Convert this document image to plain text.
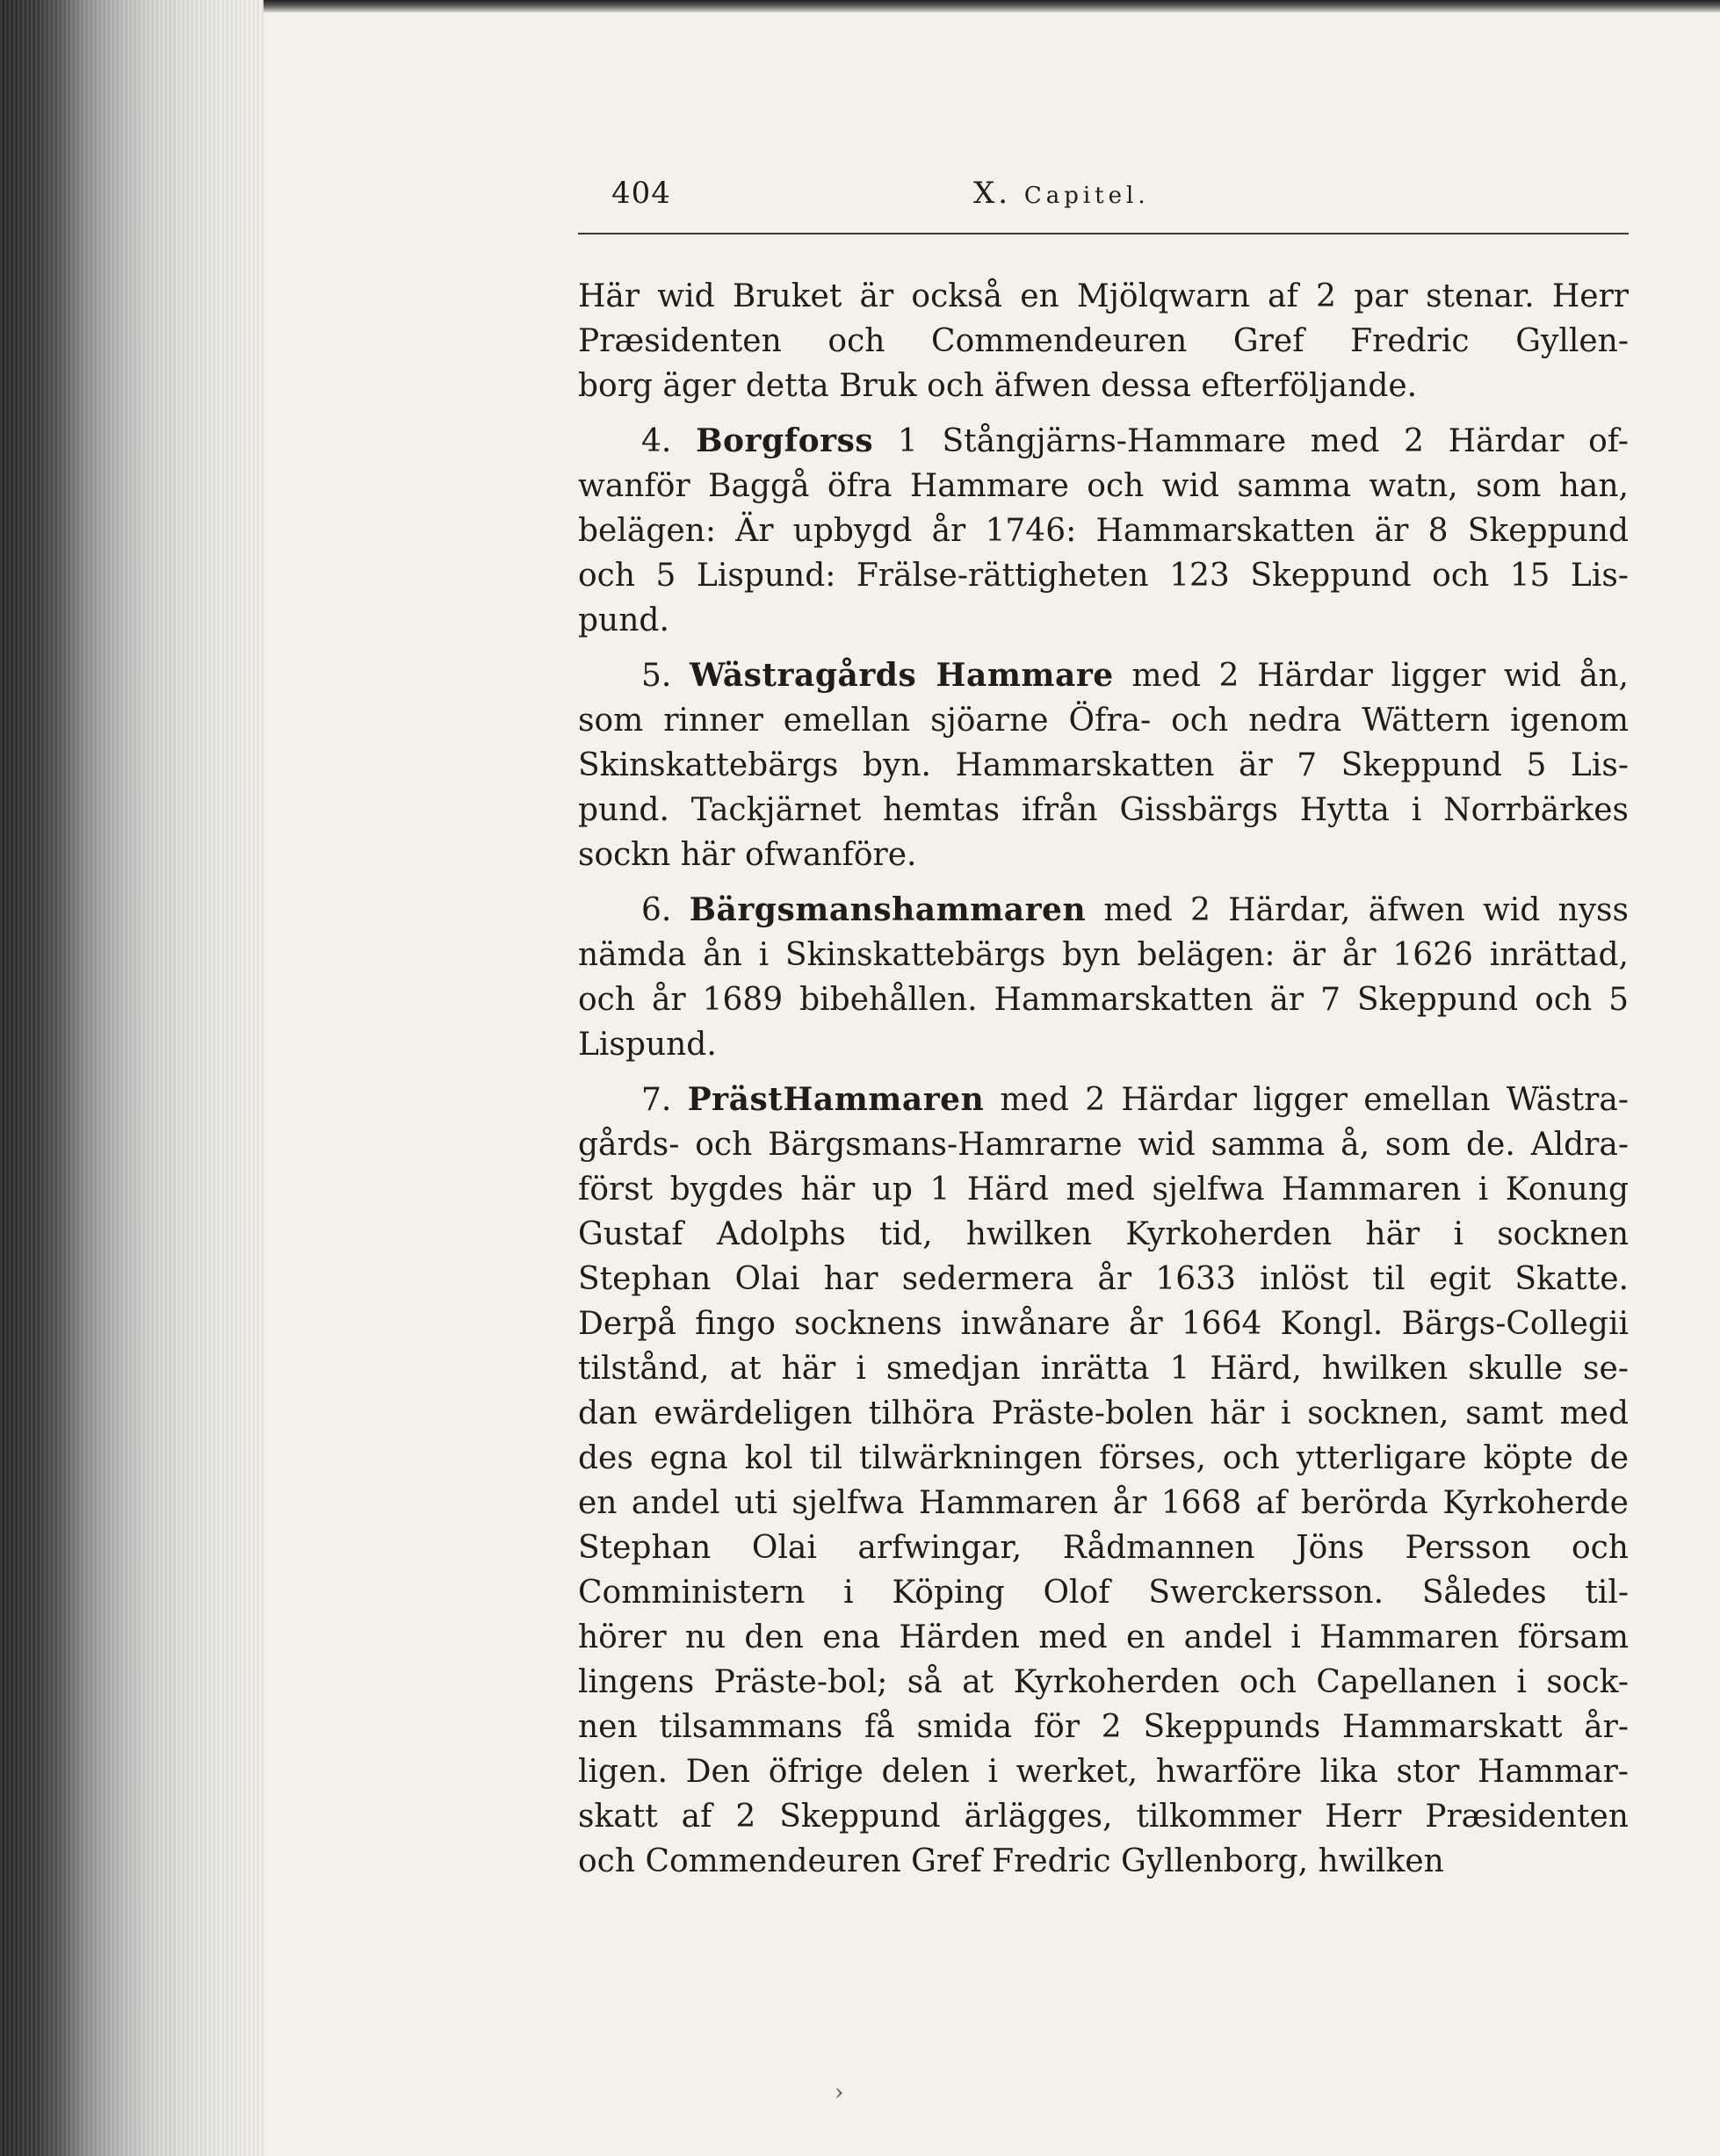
404	X. Capitel.
Här wid Bruket är också en Mjölqwarn af 2 par stenar. Herr
Præsidenten och Commendeuren Gref Fredric Gyllen-
borg äger detta Bruk och äfwen dessa efterföljande.
4. Borgforss 1 Stångjärns-Hammare med 2 Härdar of-
wanför Baggå öfra Hammare och wid samma watn, som han,
belägen: Är upbygd år 1746: Hammarskatten är 8 Skeppund
och 5 Lispund: Frälse-rättigheten 123 Skeppund och 15 Lis-
pund.
5. Wästragårds Hammare med 2 Härdar ligger wid ån,
som rinner emellan sjöarne Öfra- och nedra Wättern igenom
Skinskattebärgs byn. Hammarskatten är 7 Skeppund 5 Lis-
pund. Tackjärnet hemtas ifrån Gissbärgs Hytta i Norrbärkes
sockn här ofwanföre.
6. Bärgsmanshammaren med 2 Härdar, äfwen wid nyss
nämda ån i Skinskattebärgs byn belägen: är år 1626 inrättad,
och år 1689 bibehållen. Hammarskatten är 7 Skeppund och 5
Lispund.
7. PrästHammaren med 2 Härdar ligger emellan Wästra-
gårds- och Bärgsmans-Hamrarne wid samma å, som de. Aldra-
först bygdes här up 1 Härd med sjelfwa Hammaren i Konung
Gustaf Adolphs tid, hwilken Kyrkoherden här i socknen
Stephan Olai har sedermera år 1633 inlöst til egit Skatte.
Derpå fingo socknens inwånare år 1664 Kongl. Bärgs-Collegii
tilstånd, at här i smedjan inrätta 1 Härd, hwilken skulle se-
dan ewärdeligen tilhöra Präste-bolen här i socknen, samt med
des egna kol til tilwärkningen förses, och ytterligare köpte de
en andel uti sjelfwa Hammaren år 1668 af berörda Kyrkoherde
Stephan Olai arfwingar, Rådmannen Jöns Persson och
Comministern i Köping Olof Swerckersson. Således til-
hörer nu den ena Härden med en andel i Hammaren försam
lingens Präste-bol; så at Kyrkoherden och Capellanen i sock-
nen tilsammans få smida för 2 Skeppunds Hammarskatt år-
ligen. Den öfrige delen i werket, hwarföre lika stor Hammar-
skatt af 2 Skeppund ärlägges, tilkommer Herr Præsidenten
och Commendeuren Gref Fredric Gyllenborg, hwilken
›
